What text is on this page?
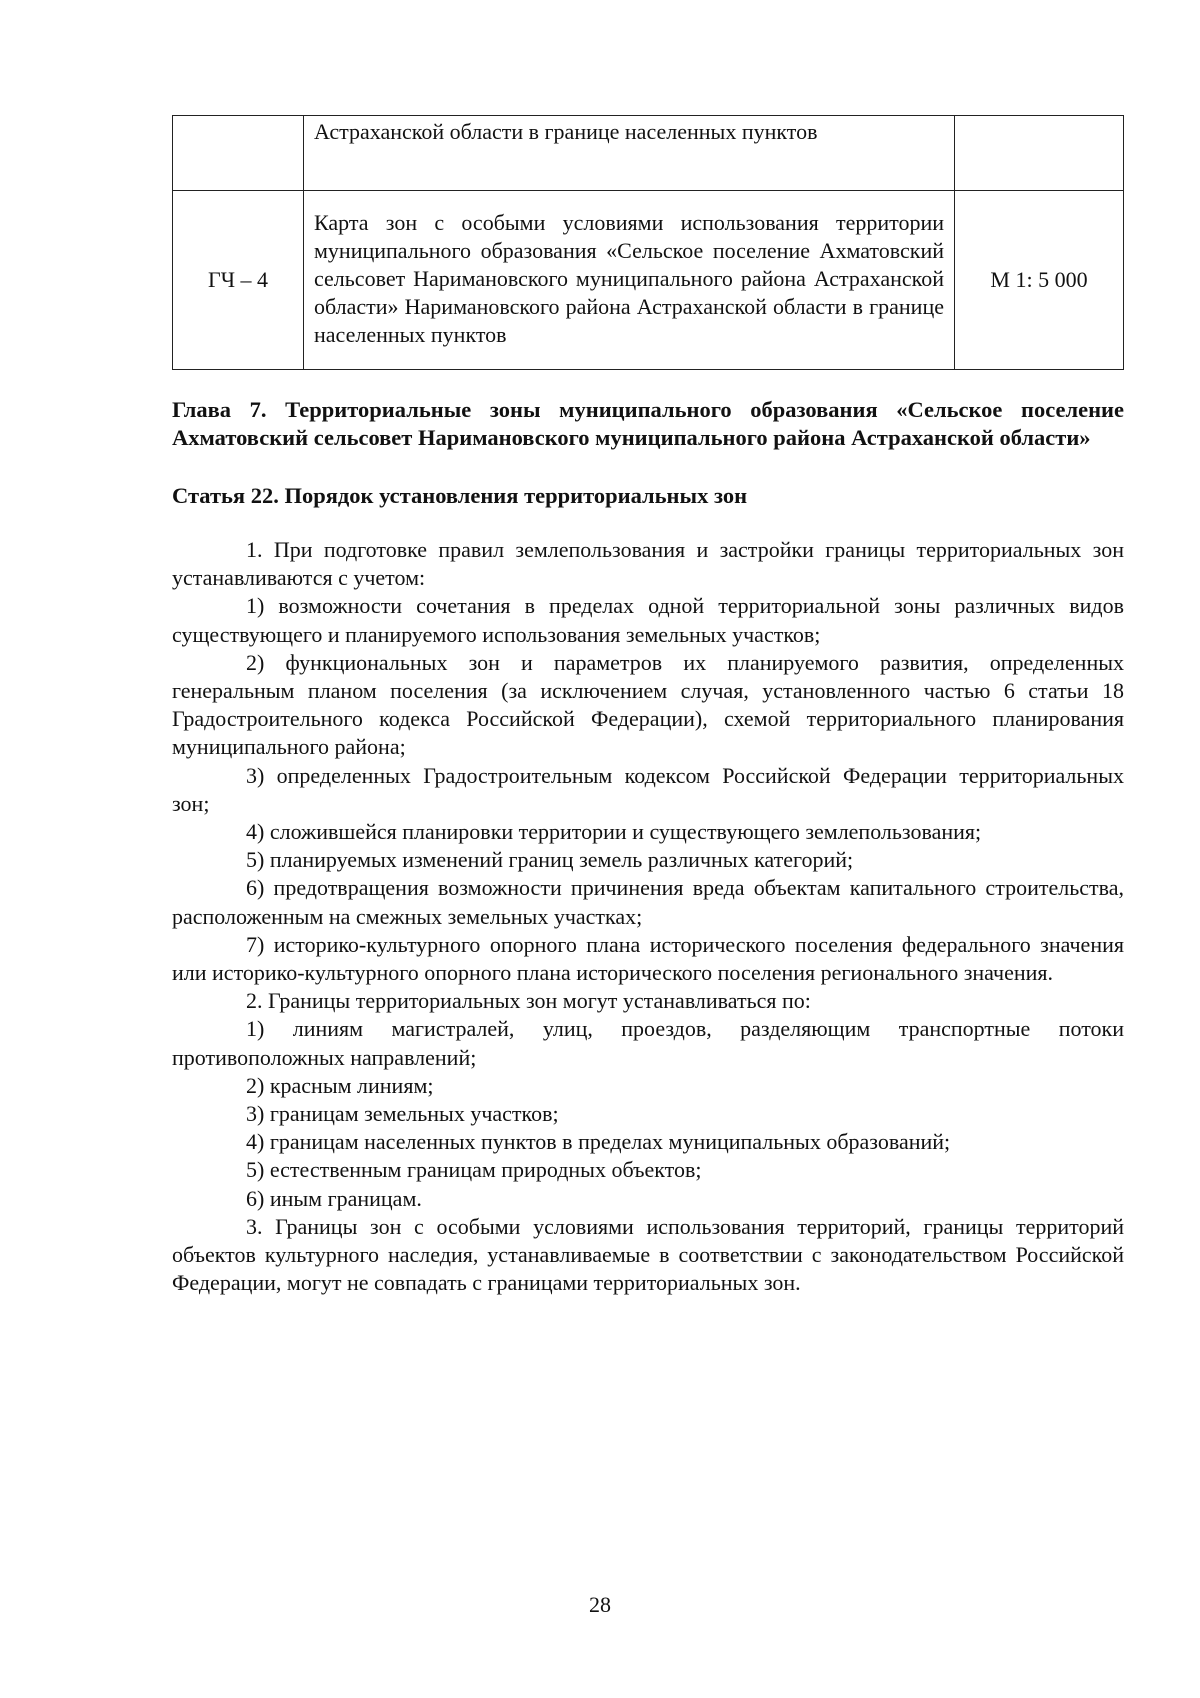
	Астраханской области в границе населенных пунктов	
ГЧ – 4	Карта зон с особыми условиями использования территории муниципального образования «Сельское поселение Ахматовский сельсовет Наримановского муниципального района Астраханской области» Наримановского района Астраханской области в границе населенных пунктов	М 1: 5 000
Глава 7. Территориальные зоны муниципального образования «Сельское поселение Ахматовский сельсовет Наримановского муниципального района Астраханской области»
Статья 22. Порядок установления территориальных зон

1. При подготовке правил землепользования и застройки границы территориальных зон устанавливаются с учетом:

1) возможности сочетания в пределах одной территориальной зоны различных видов существующего и планируемого использования земельных участков;

2) функциональных зон и параметров их планируемого развития, определенных генеральным планом поселения (за исключением случая, установленного частью 6 статьи 18 Градостроительного кодекса Российской Федерации), схемой территориального планирования муниципального района;

3) определенных Градостроительным кодексом Российской Федерации территориальных зон;

4) сложившейся планировки территории и существующего землепользования;

5) планируемых изменений границ земель различных категорий;

6) предотвращения возможности причинения вреда объектам капитального строительства, расположенным на смежных земельных участках;

7) историко-культурного опорного плана исторического поселения федерального значения или историко-культурного опорного плана исторического поселения регионального значения.

2. Границы территориальных зон могут устанавливаться по:

1) линиям магистралей, улиц, проездов, разделяющим транспортные потоки противоположных направлений;

2) красным линиям;

3) границам земельных участков;

4) границам населенных пунктов в пределах муниципальных образований;

5) естественным границам природных объектов;

6) иным границам.

3. Границы зон с особыми условиями использования территорий, границы территорий объектов культурного наследия, устанавливаемые в соответствии с законодательством Российской Федерации, могут не совпадать с границами территориальных зон.

28
